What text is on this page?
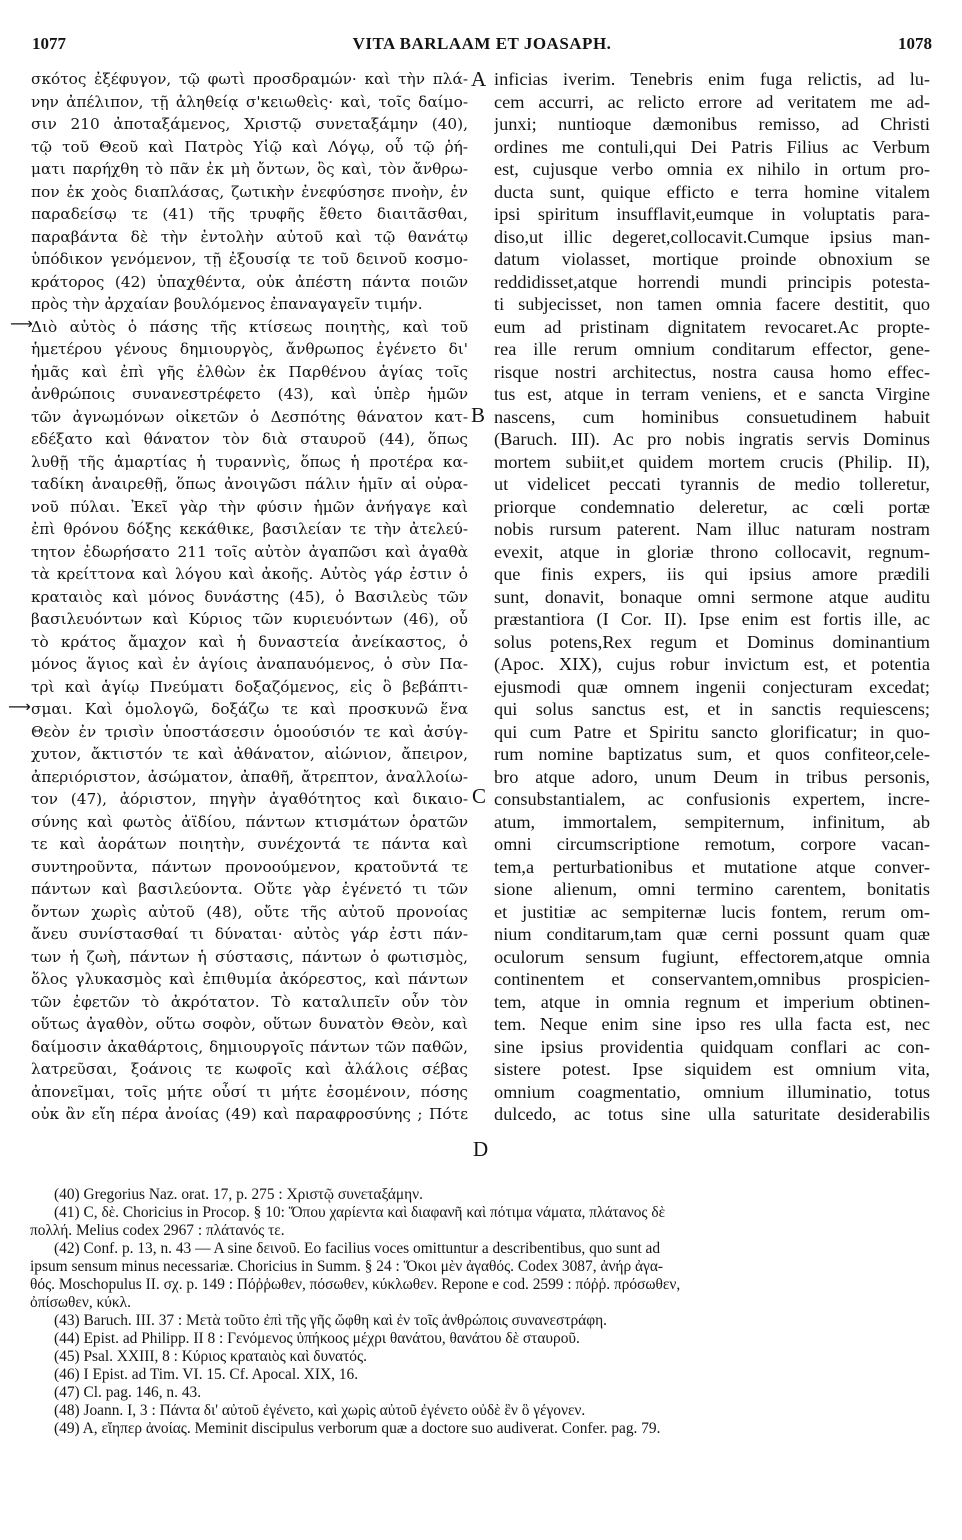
1077	VITA BARLAAM ET JOASAPH.	1078
σκότος ἐξέφυγον, τῷ φωτὶ προσδραμών· καὶ τὴν πλά-
νην ἀπέλιπον, τῇ ἀληθείᾳ σ'κειωθεὶς· καὶ, τοῖς δαίμο-
σιν 210 ἀποταξάμενος, Χριστῷ συνεταξάμην (40),
τῷ τοῦ Θεοῦ καὶ Πατρὸς Υἱῷ καὶ Λόγῳ, οὗ τῷ ῥή-
ματι παρήχθη τὸ πᾶν ἐκ μὴ ὄντων, ὃς καὶ, τὸν ἄνθρω-
πον ἐκ χοὸς διαπλάσας, ζωτικὴν ἐνεφύσησε πνοὴν, ἐν
παραδείσῳ τε (41) τῆς τρυφῆς ἔθετο διαιτᾶσθαι,
παραβάντα δὲ τὴν ἐντολὴν αὐτοῦ καὶ τῷ θανάτῳ
ὑπόδικον γενόμενον, τῇ ἐξουσίᾳ τε τοῦ δεινοῦ κοσμο-
κράτορος (42) ὑπαχθέντα, οὐκ ἀπέστη πάντα ποιῶν
πρὸς τὴν ἀρχαίαν βουλόμενος ἐπαναγαγεῖν τιμήν.
Διὸ αὐτὸς ὁ πάσης τῆς κτίσεως ποιητὴς, καὶ τοῦ
ἡμετέρου γένους δημιουργὸς, ἄνθρωπος ἐγένετο δι'
ἡμᾶς καὶ ἐπὶ γῆς ἐλθὼν ἐκ Παρθένου ἁγίας τοῖς
ἀνθρώποις συνανεστρέφετο (43), καὶ ὑπὲρ ἡμῶν
τῶν ἀγνωμόνων οἰκετῶν ὁ Δεσπότης θάνατον κατ-
εδέξατο καὶ θάνατον τὸν διὰ σταυροῦ (44), ὅπως
λυθῇ τῆς ἁμαρτίας ἡ τυραννὶς, ὅπως ἡ προτέρα κα-
ταδίκη ἀναιρεθῇ, ὅπως ἀνοιγῶσι πάλιν ἡμῖν αἱ οὐρα-
νοῦ πύλαι. Ἐκεῖ γὰρ τὴν φύσιν ἡμῶν ἀνήγαγε καὶ
ἐπὶ θρόνου δόξης κεκάθικε, βασιλείαν τε τὴν ἀτελεύ-
τητον ἐδωρήσατο 211 τοῖς αὐτὸν ἀγαπῶσι καὶ ἀγαθὰ
τὰ κρείττονα καὶ λόγου καὶ ἀκοῆς. Αὐτὸς γάρ ἐστιν ὁ
κραταιὸς καὶ μόνος δυνάστης (45), ὁ Βασιλεὺς τῶν
βασιλευόντων καὶ Κύριος τῶν κυριευόντων (46), οὗ
τὸ κράτος ἄμαχον καὶ ἡ δυναστεία ἀνείκαστος, ὁ
μόνος ἅγιος καὶ ἐν ἁγίοις ἀναπαυόμενος, ὁ σὺν Πα-
τρὶ καὶ ἁγίῳ Πνεύματι δοξαζόμενος, εἰς ὃ βεβάπτι-
σμαι. Καὶ ὁμολογῶ, δοξάζω τε καὶ προσκυνῶ ἕνα
Θεὸν ἐν τρισὶν ὑποστάσεσιν ὁμοούσιόν τε καὶ ἀσύγ-
χυτον, ἄκτιστόν τε καὶ ἀθάνατον, αἰώνιον, ἄπειρον,
ἀπεριόριστον, ἀσώματον, ἀπαθῆ, ἄτρεπτον, ἀναλλοίω-
τον (47), ἀόριστον, πηγὴν ἀγαθότητος καὶ δικαιο-
σύνης καὶ φωτὸς ἀϊδίου, πάντων κτισμάτων ὁρατῶν
τε καὶ ἀοράτων ποιητὴν, συνέχοντά τε πάντα καὶ
συντηροῦντα, πάντων προνοούμενον, κρατοῦντά τε
πάντων καὶ βασιλεύοντα. Οὔτε γὰρ ἐγένετό τι τῶν
ὄντων χωρὶς αὐτοῦ (48), οὔτε τῆς αὐτοῦ προνοίας
ἄνευ συνίστασθαί τι δύναται· αὐτὸς γάρ ἐστι πάν-
των ἡ ζωὴ, πάντων ἡ σύστασις, πάντων ὁ φωτισμὸς,
ὅλος γλυκασμὸς καὶ ἐπιθυμία ἀκόρεστος, καὶ πάντων
τῶν ἐφετῶν τὸ ἀκρότατον. Τὸ καταλιπεῖν οὖν τὸν
οὕτως ἀγαθὸν, οὕτω σοφὸν, οὕτων δυνατὸν Θεὸν, καὶ
δαίμοσιν ἀκαθάρτοις, δημιουργοῖς πάντων τῶν παθῶν,
λατρεῦσαι, ξοάνοις τε κωφοῖς καὶ ἀλάλοις σέβας
ἀπονεῖμαι, τοῖς μήτε οὖσί τι μήτε ἐσομένοιν, πόσης
οὐκ ἂν εἴη πέρα ἀνοίας (49) καὶ παραφροσύνης ; Πότε
inficias iverim. Tenebris enim fuga relictis, ad lu-
cem accurri, ac relicto errore ad veritatem me ad-
junxi; nuntioque dæmonibus remisso, ad Christi
ordines me contuli,qui Dei Patris Filius ac Verbum
est, cujusque verbo omnia ex nihilo in ortum pro-
ducta sunt, quique efficto e terra homine vitalem
ipsi spiritum insufflavit,eumque in voluptatis para-
diso,ut illic degeret,collocavit.Cumque ipsius man-
datum violasset, mortique proinde obnoxium se
reddidisset,atque horrendi mundi principis potesta-
ti subjecisset, non tamen omnia facere destitit, quo
eum ad pristinam dignitatem revocaret.Ac propte-
rea ille rerum omnium conditarum effector, gene-
risque nostri architectus, nostra causa homo effec-
tus est, atque in terram veniens, et e sancta Virgine
nascens, cum hominibus consuetudinem habuit
(Baruch. III). Ac pro nobis ingratis servis Dominus
mortem subiit,et quidem mortem crucis (Philip. II),
ut videlicet peccati tyrannis de medio tolleretur,
priorque condemnatio deleretur, ac cœli portæ
nobis rursum paterent. Nam illuc naturam nostram
evexit, atque in gloriæ throno collocavit, regnum-
que finis expers, iis qui ipsius amore prædili
sunt, donavit, bonaque omni sermone atque auditu
præstantiora (I Cor. II). Ipse enim est fortis ille, ac
solus potens,Rex regum et Dominus dominantium
(Apoc. XIX), cujus robur invictum est, et potentia
ejusmodi quæ omnem ingenii conjecturam excedat;
qui solus sanctus est, et in sanctis requiescens;
qui cum Patre et Spiritu sancto glorificatur; in quo-
rum nomine baptizatus sum, et quos confiteor,cele-
bro atque adoro, unum Deum in tribus personis,
consubstantialem, ac confusionis expertem, incre-
atum, immortalem, sempiternum, infinitum, ab
omni circumscriptione remotum, corpore vacan-
tem,a perturbationibus et mutatione atque conver-
sione alienum, omni termino carentem, bonitatis
et justitiæ ac sempiternæ lucis fontem, rerum om-
nium conditarum,tam quæ cerni possunt quam quæ
oculorum sensum fugiunt, effectorem,atque omnia
continentem et conservantem,omnibus prospicien-
tem, atque in omnia regnum et imperium obtinen-
tem. Neque enim sine ipso res ulla facta est, nec
sine ipsius providentia quidquam conflari ac con-
sistere potest. Ipse siquidem est omnium vita,
omnium coagmentatio, omnium illuminatio, totus
dulcedo, ac totus sine ulla saturitate desiderabilis
A
B
C
D
⟶
⟶
(40) Gregorius Naz. orat. 17, p. 275 : Χριστῷ συνεταξάμην.
(41) C, δὲ. Choricius in Procop. § 10: Ὅπου χαρίεντα καὶ διαφανῆ καὶ πότιμα νάματα, πλάτανος δὲ
πολλή. Melius codex 2967 : πλάτανός τε.
(42) Conf. p. 13, n. 43 — A sine δεινοῦ. Eo facilius voces omittuntur a describentibus, quo sunt ad
ipsum sensum minus necessariæ. Choricius in Summ. § 24 : Ὅκοι μὲν ἀγαθός. Codex 3087, ἀνήρ ἀγα-
θός. Moschopulus II. σχ. p. 149 : Πόῤῥωθεν, πόσωθεν, κύκλωθεν. Repone e cod. 2599 : πόῤῥ. πρόσωθεν,
ὀπίσωθεν, κύκλ.
(43) Baruch. III. 37 : Μετὰ τοῦτο ἐπὶ τῆς γῆς ὤφθη καὶ ἐν τοῖς ἀνθρώποις συνανεστράφη.
(44) Epist. ad Philipp. II 8 : Γενόμενος ὑπήκοος μέχρι θανάτου, θανάτου δὲ σταυροῦ.
(45) Psal. XXIII, 8 : Κύριος κραταιὸς καὶ δυνατός.
(46) I Epist. ad Tim. VI. 15. Cf. Apocal. XIX, 16.
(47) Cl. pag. 146, n. 43.
(48) Joann. I, 3 : Πάντα δι' αὐτοῦ ἐγένετο, καὶ χωρὶς αὐτοῦ ἐγένετο οὐδὲ ἓν ὃ γέγονεν.
(49) A, εἴηπερ ἀνοίας. Meminit discipulus verborum quæ a doctore suo audiverat. Confer. pag. 79.
